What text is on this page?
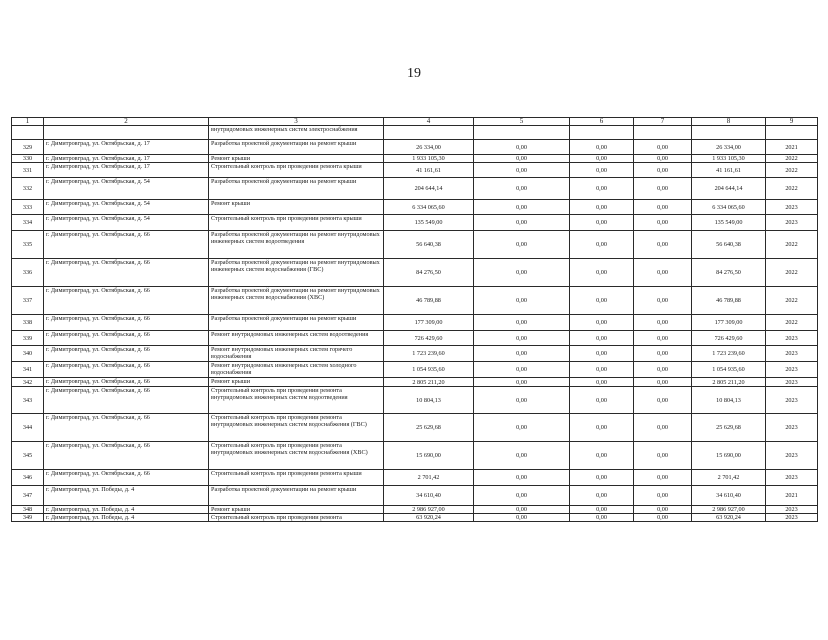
19
1	2	3	4	5	6	7	8	9
		внутридомовых инженерных систем электроснабжения						
329	г. Димитровград, ул. Октябрьская, д. 17	Разработка проектной документации на ремонт крыши	26 334,00	0,00	0,00	0,00	26 334,00	2021
330	г. Димитровград, ул. Октябрьская, д. 17	Ремонт крыши	1 933 105,30	0,00	0,00	0,00	1 933 105,30	2022
331	г. Димитровград, ул. Октябрьская, д. 17	Строительный контроль при проведении ремонта крыши	41 161,61	0,00	0,00	0,00	41 161,61	2022
332	г. Димитровград, ул. Октябрьская, д. 54	Разработка проектной документации на ремонт крыши	204 644,14	0,00	0,00	0,00	204 644,14	2022
333	г. Димитровград, ул. Октябрьская, д. 54	Ремонт крыши	6 334 065,60	0,00	0,00	0,00	6 334 065,60	2023
334	г. Димитровград, ул. Октябрьская, д. 54	Строительный контроль при проведении ремонта крыши	135 549,00	0,00	0,00	0,00	135 549,00	2023
335	г. Димитровград, ул. Октябрьская, д. 66	Разработка проектной документации на ремонт внутридомовых инженерных систем водоотведения	56 640,38	0,00	0,00	0,00	56 640,38	2022
336	г. Димитровград, ул. Октябрьская, д. 66	Разработка проектной документации на ремонт внутридомовых инженерных систем водоснабжения (ГВС)	84 276,50	0,00	0,00	0,00	84 276,50	2022
337	г. Димитровград, ул. Октябрьская, д. 66	Разработка проектной документации на ремонт внутридомовых инженерных систем водоснабжения (ХВС)	46 789,88	0,00	0,00	0,00	46 789,88	2022
338	г. Димитровград, ул. Октябрьская, д. 66	Разработка проектной документации на ремонт крыши	177 309,00	0,00	0,00	0,00	177 309,00	2022
339	г. Димитровград, ул. Октябрьская, д. 66	Ремонт внутридомовых инженерных систем водоотведения	726 429,60	0,00	0,00	0,00	726 429,60	2023
340	г. Димитровград, ул. Октябрьская, д. 66	Ремонт внутридомовых инженерных систем горячего водоснабжения	1 723 239,60	0,00	0,00	0,00	1 723 239,60	2023
341	г. Димитровград, ул. Октябрьская, д. 66	Ремонт внутридомовых инженерных систем холодного водоснабжения	1 054 935,60	0,00	0,00	0,00	1 054 935,60	2023
342	г. Димитровград, ул. Октябрьская, д. 66	Ремонт крыши	2 805 211,20	0,00	0,00	0,00	2 805 211,20	2023
343	г. Димитровград, ул. Октябрьская, д. 66	Строительный контроль при проведении ремонта внутридомовых инженерных систем водоотведения	10 804,13	0,00	0,00	0,00	10 804,13	2023
344	г. Димитровград, ул. Октябрьская, д. 66	Строительный контроль при проведении ремонта внутридомовых инженерных систем водоснабжения (ГВС)	25 629,68	0,00	0,00	0,00	25 629,68	2023
345	г. Димитровград, ул. Октябрьская, д. 66	Строительный контроль при проведении ремонта внутридомовых инженерных систем водоснабжения (ХВС)	15 690,00	0,00	0,00	0,00	15 690,00	2023
346	г. Димитровград, ул. Октябрьская, д. 66	Строительный контроль при проведении ремонта крыши	2 701,42	0,00	0,00	0,00	2 701,42	2023
347	г. Димитровград, ул. Победы, д. 4	Разработка проектной документации на ремонт крыши	34 610,40	0,00	0,00	0,00	34 610,40	2021
348	г. Димитровград, ул. Победы, д. 4	Ремонт крыши	2 986 927,00	0,00	0,00	0,00	2 986 927,00	2023
349	г. Димитровград, ул. Победы, д. 4	Строительный контроль при проведении ремонта	63 920,24	0,00	0,00	0,00	63 920,24	2023
